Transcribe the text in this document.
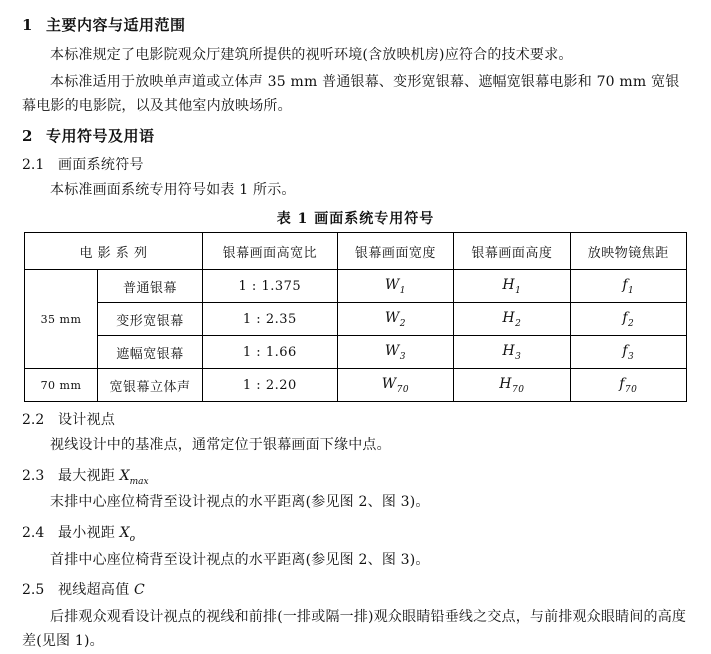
1 主要内容与适用范围

本标准规定了电影院观众厅建筑所提供的视听环境(含放映机房)应符合的技术要求。

本标准适用于放映单声道或立体声 35 mm 普通银幕、变形宽银幕、遮幅宽银幕电影和 70 mm 宽银幕电影的电影院，以及其他室内放映场所。

2 专用符号及用语
2.1 画面系统符号

本标准画面系统专用符号如表 1 所示。

表 1 画面系统专用符号
电 影 系 列		银幕画面高宽比	银幕画面宽度	银幕画面高度	放映物镜焦距
35 mm	普通银幕	1 : 1.375	$W_1$	$H_1$	$f_1$
	变形宽银幕	1 : 2.35	$W_2$	$H_2$	$f_2$
	遮幅宽银幕	1 : 1.66	$W_3$	$H_3$	$f_3$
70 mm	宽银幕立体声	1 : 2.20	$W_{70}$	$H_{70}$	$f_{70}$
2.2 设计视点

视线设计中的基准点，通常定位于银幕画面下缘中点。

2.3 最大视距 $X_{max}$

末排中心座位椅背至设计视点的水平距离(参见图 2、图 3)。

2.4 最小视距 $X_o$

首排中心座位椅背至设计视点的水平距离(参见图 2、图 3)。

2.5 视线超高值 C

后排观众观看设计视点的视线和前排(一排或隔一排)观众眼睛铅垂线之交点，与前排观众眼睛间的高度差(见图 1)。
